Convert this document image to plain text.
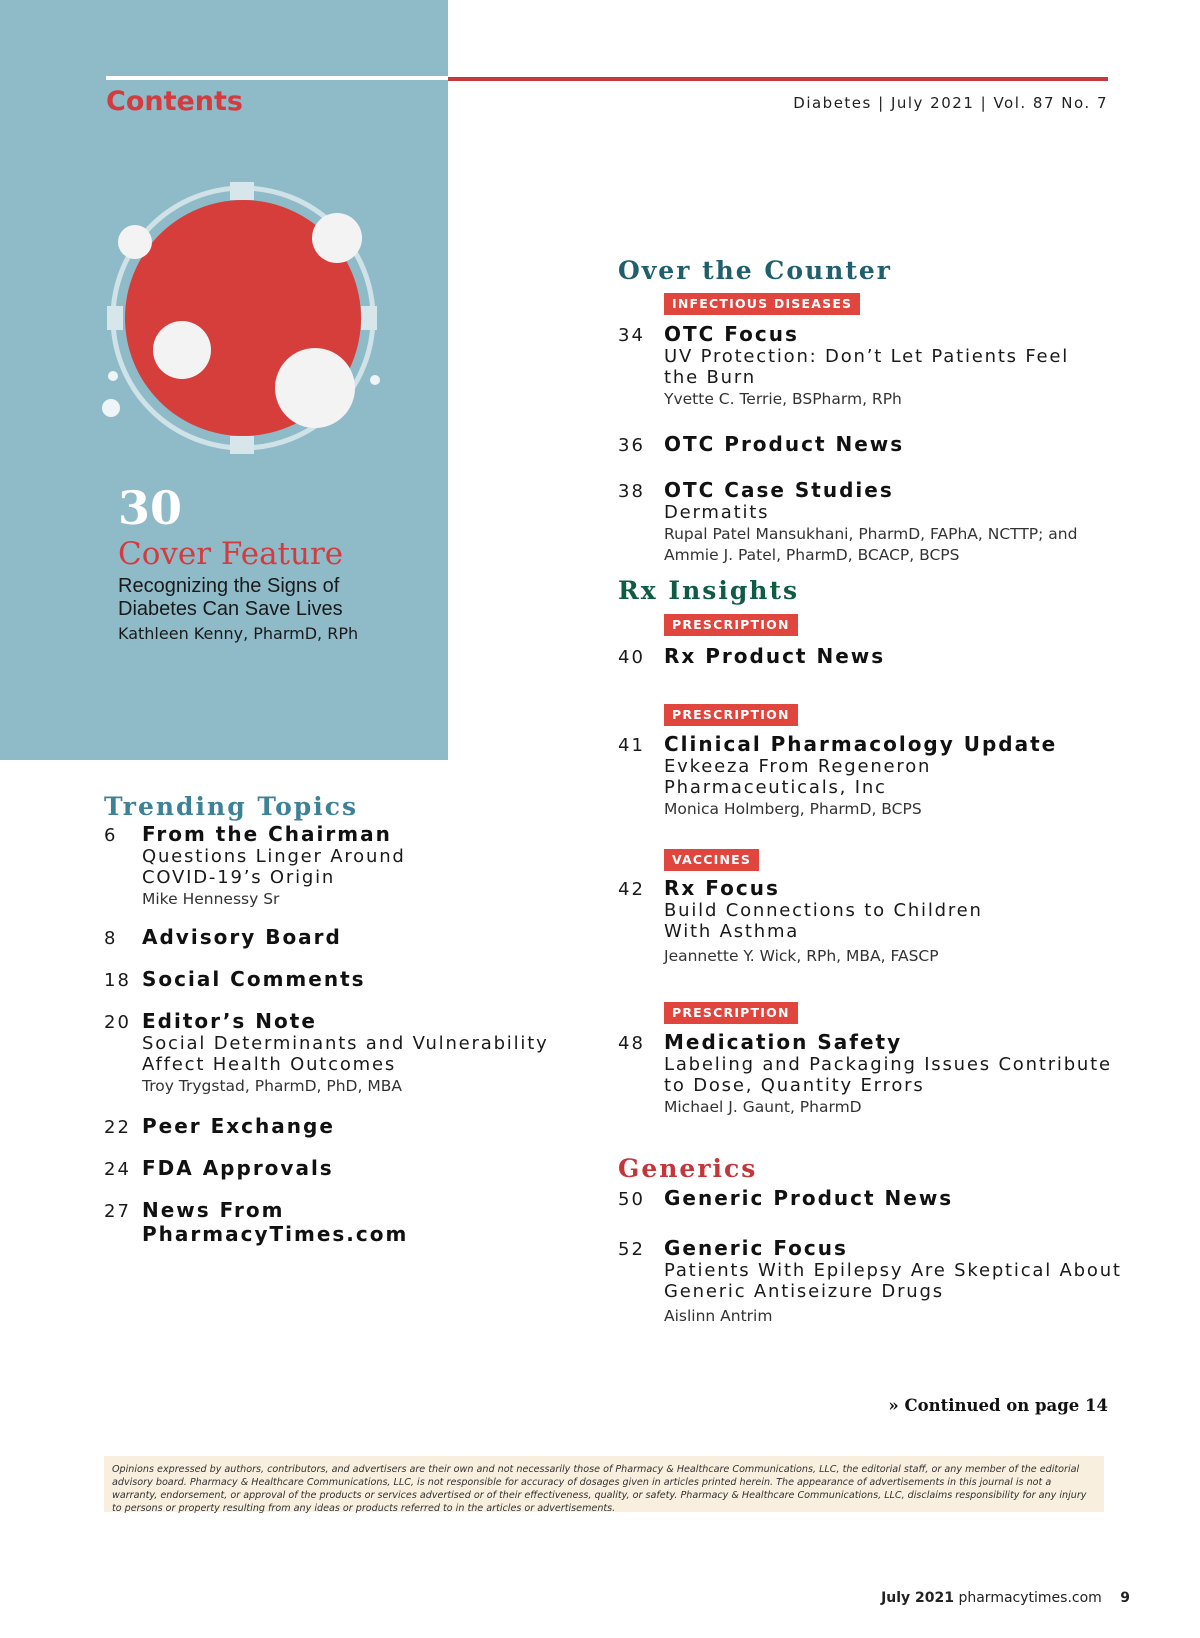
Contents	Diabetes | July 2021 | Vol. 87 No. 7
30
Cover Feature
Recognizing the Signs of
Diabetes Can Save Lives
Kathleen Kenny, PharmD, RPh
Trending Topics
6	From the Chairman
Questions Linger Around
COVID-19’s Origin
Mike Hennessy Sr
8	Advisory Board
18 Social Comments
20 Editor’s Note
Social Determinants and Vulnerability
Affect Health Outcomes
Troy Trygstad, PharmD, PhD, MBA
22 Peer Exchange
24 FDA Approvals
27 News From
PharmacyTimes.com
Over the Counter
INFECTIOUS DISEASES
34 OTC Focus
UV Protection: Don’t Let Patients Feel
the Burn
Yvette C. Terrie, BSPharm, RPh
36 OTC Product News
38 OTC Case Studies
Dermatits
Rupal Patel Mansukhani, PharmD, FAPhA, NCTTP; and
Ammie J. Patel, PharmD, BCACP, BCPS
Rx Insights
PRESCRIPTION
40 Rx Product News
PRESCRIPTION
41 Clinical Pharmacology Update
Evkeeza From Regeneron
Pharmaceuticals, Inc
Monica Holmberg, PharmD, BCPS
VACCINES
42 Rx Focus
Build Connections to Children
With Asthma
Jeannette Y. Wick, RPh, MBA, FASCP
PRESCRIPTION
48 Medication Safety
Labeling and Packaging Issues Contribute
to Dose, Quantity Errors
Michael J. Gaunt, PharmD
Generics
50 Generic Product News
52 Generic Focus
Patients With Epilepsy Are Skeptical About
Generic Antiseizure Drugs
Aislinn Antrim
» Continued on page 14
Opinions expressed by authors, contributors, and advertisers are their own and not necessarily those of Pharmacy & Healthcare Communications, LLC, the editorial staff, or any member of the editorial advisory board. Pharmacy & Healthcare Communications, LLC, is not responsible for accuracy of dosages given in articles printed herein. The appearance of advertisements in this journal is not a warranty, endorsement, or approval of the products or services advertised or of their effectiveness, quality, or safety. Pharmacy & Healthcare Communications, LLC, disclaims responsibility for any injury to persons or property resulting from any ideas or products referred to in the articles or advertisements.
July 2021 pharmacytimes.com 9
